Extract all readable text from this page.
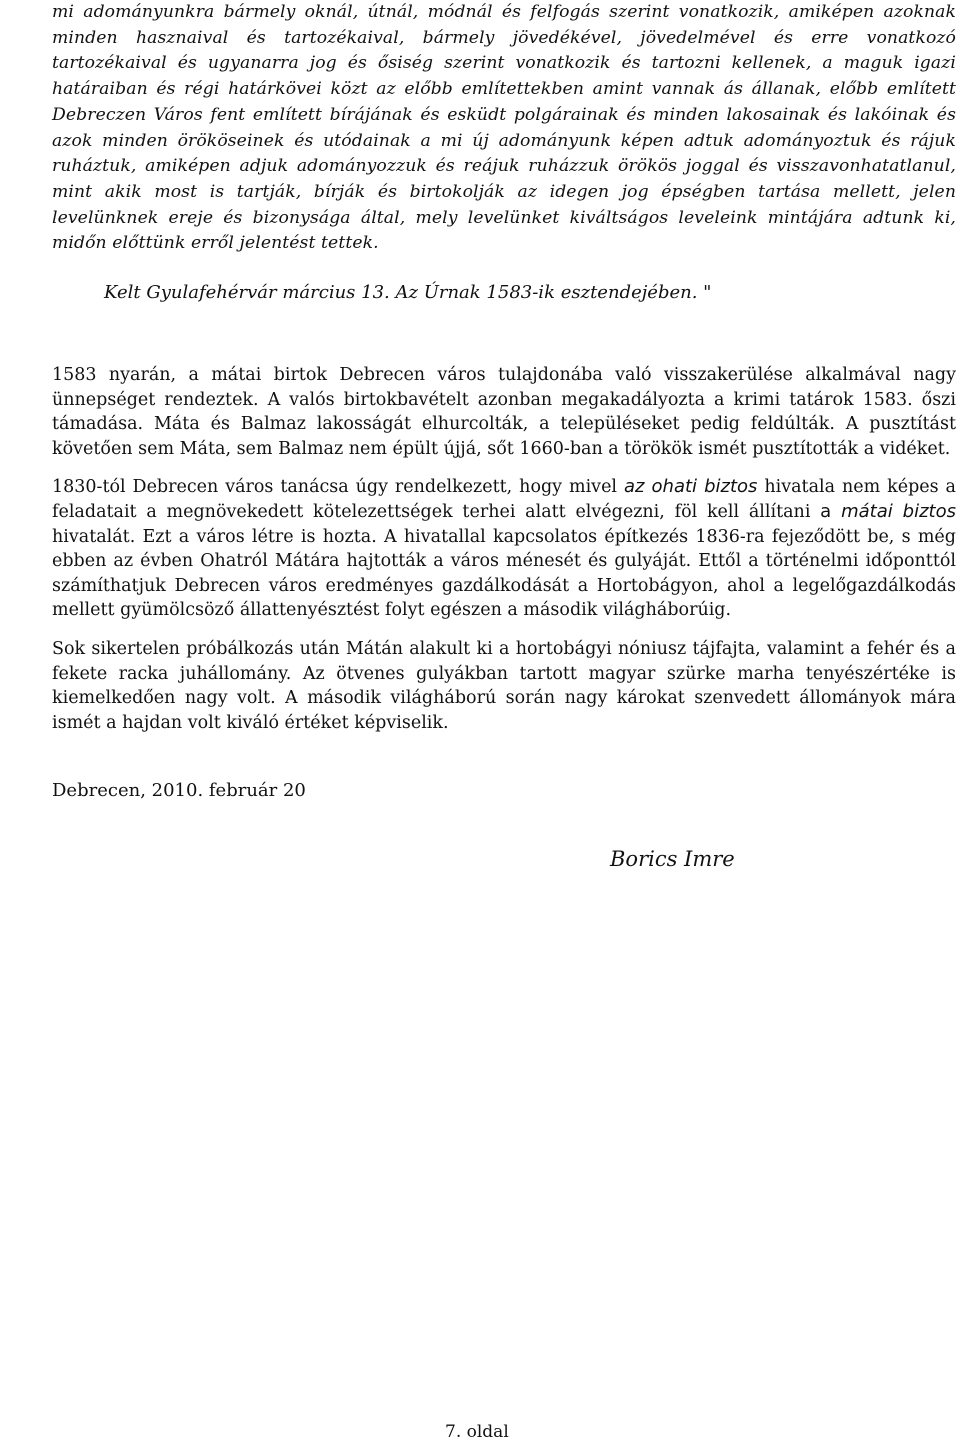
mi adományunkra bármely oknál, útnál, módnál és felfogás szerint vonatkozik, amiképen azoknak minden hasznaival és tartozékaival, bármely jövedékével, jövedelmével és erre vonatkozó tartozékaival és ugyanarra jog és ősiség szerint vonatkozik és tartozni kellenek, a maguk igazi határaiban és régi határkövei közt az előbb említettekben amint vannak ás állanak, előbb említett Debreczen Város fent említett bírájának és esküdt polgárainak és minden lakosainak és lakóinak és azok minden örököseinek és utódainak a mi új adományunk képen adtuk adományoztuk és rájuk ruháztuk, amiképen adjuk adományozzuk és reájuk ruházzuk örökös joggal és visszavonhatatlanul, mint akik most is tartják, bírják és birtokolják az idegen jog épségben tartása mellett, jelen levelünknek ereje és bizonysága által, mely levelünket kiváltságos leveleink mintájára adtunk ki, midőn előttünk erről jelentést tettek.

Kelt Gyulafehérvár március 13. Az Úrnak 1583-ik esztendejében. "

1583 nyarán, a mátai birtok Debrecen város tulajdonába való visszakerülése alkalmával nagy ünnepséget rendeztek. A valós birtokbavételt azonban megakadályozta a krimi tatárok 1583. őszi támadása. Máta és Balmaz lakosságát elhurcolták, a településeket pedig feldúlták. A pusztítást követően sem Máta, sem Balmaz nem épült újjá, sőt 1660-ban a törökök ismét pusztították a vidéket.

1830-tól Debrecen város tanácsa úgy rendelkezett, hogy mivel az ohati biztos hivatala nem képes a feladatait a megnövekedett kötelezettségek terhei alatt elvégezni, föl kell állítani a mátai biztos hivatalát. Ezt a város létre is hozta. A hivatallal kapcsolatos építkezés 1836-ra fejeződött be, s még ebben az évben Ohatról Mátára hajtották a város ménesét és gulyáját. Ettől a történelmi időponttól számíthatjuk Debrecen város eredményes gazdálkodását a Hortobágyon, ahol a legelőgazdálkodás mellett gyümölcsöző állattenyésztést folyt egészen a második világháborúig.

Sok sikertelen próbálkozás után Mátán alakult ki a hortobágyi nóniusz tájfajta, valamint a fehér és a fekete racka juhállomány. Az ötvenes gulyákban tartott magyar szürke marha tenyészértéke is kiemelkedően nagy volt. A második világháború során nagy károkat szenvedett állományok mára ismét a hajdan volt kiváló értéket képviselik.

Debrecen, 2010. február 20

Borics Imre

7. oldal
